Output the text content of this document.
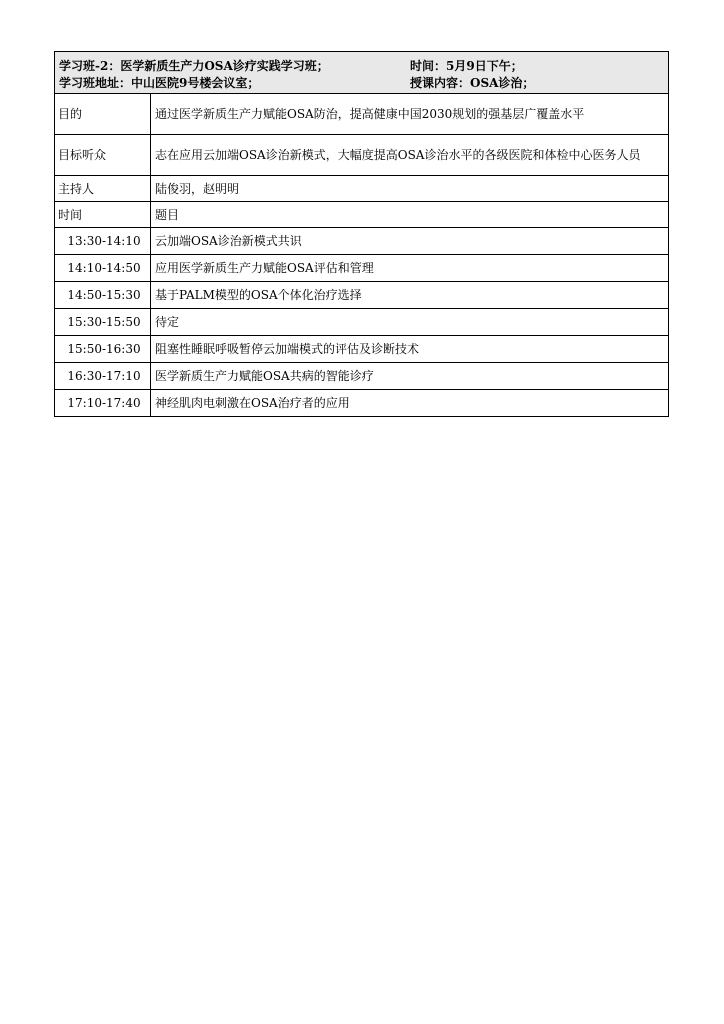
学习班-2：医学新质生产力OSA诊疗实践学习班；	时间：5月9日下午；
学习班地址：中山医院9号楼会议室；	授课内容：OSA诊治；
目的	通过医学新质生产力赋能OSA防治，提高健康中国2030规划的强基层广覆盖水平
目标听众	志在应用云加端OSA诊治新模式，大幅度提高OSA诊治水平的各级医院和体检中心医务人员
主持人	陆俊羽，赵明明
时间	题目
13:30-14:10	云加端OSA诊治新模式共识
14:10-14:50	应用医学新质生产力赋能OSA评估和管理
14:50-15:30	基于PALM模型的OSA个体化治疗选择
15:30-15:50	待定
15:50-16:30	阻塞性睡眠呼吸暂停云加端模式的评估及诊断技术
16:30-17:10	医学新质生产力赋能OSA共病的智能诊疗
17:10-17:40	神经肌肉电刺激在OSA治疗者的应用
